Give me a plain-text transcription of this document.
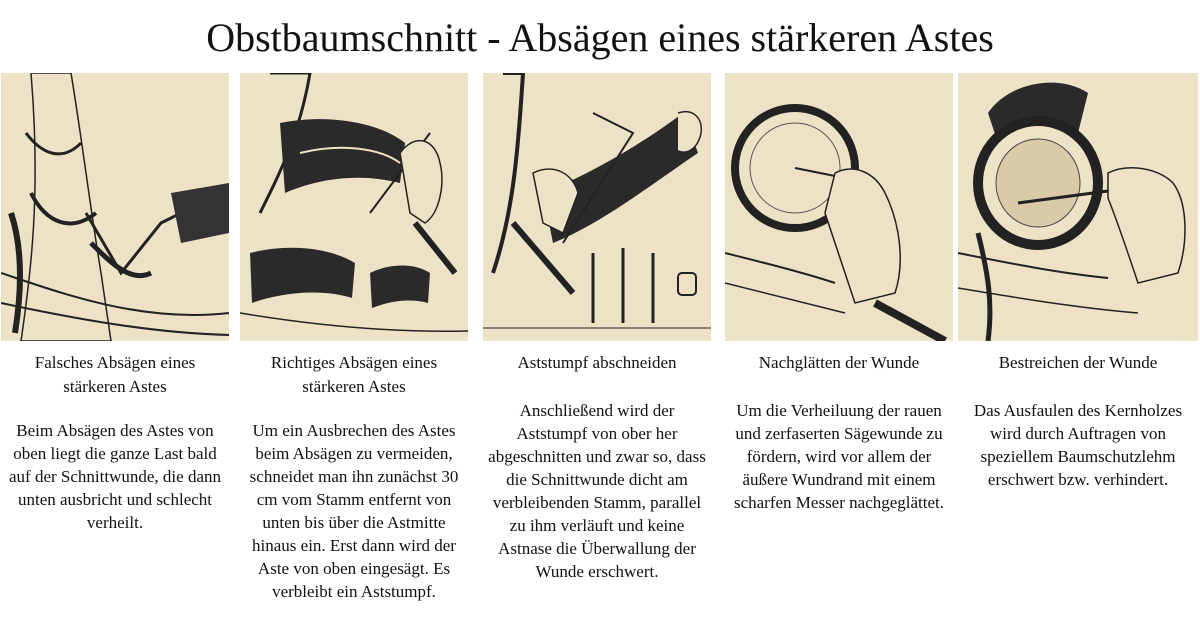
Obstbaumschnitt - Absägen eines stärkeren Astes
Falsches Absägen eines stärkeren Astes
Beim Absägen des Astes von oben liegt die ganze Last bald auf der Schnittwunde, die dann unten ausbricht und schlecht verheilt.
Richtiges Absägen eines stärkeren Astes
Um ein Ausbrechen des Astes beim Absägen zu vermeiden, schneidet man ihn zunächst 30 cm vom Stamm entfernt von unten bis über die Astmitte hinaus ein. Erst dann wird der Aste von oben eingesägt. Es verbleibt ein Aststumpf.
Aststumpf abschneiden
Anschließend wird der Aststumpf von ober her abgeschnitten und zwar so, dass die Schnittwunde dicht am verbleibenden Stamm, parallel zu ihm verläuft und keine Astnase die Überwallung der Wunde erschwert.
Nachglätten der Wunde
Um die Verheiluung der rauen und zerfaserten Sägewunde zu fördern, wird vor allem der äußere Wundrand mit einem scharfen Messer nachgeglättet.
Bestreichen der Wunde
Das Ausfaulen des Kernholzes wird durch Auftragen von speziellem Baumschutzlehm erschwert bzw. verhindert.
